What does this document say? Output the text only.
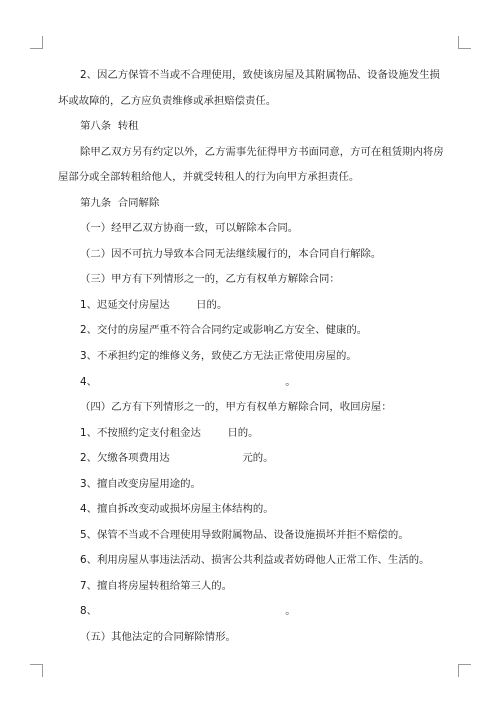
2、因乙方保管不当或不合理使用，致使该房屋及其附属物品、设备设施发生损
坏或故障的，乙方应负责维修或承担赔偿责任。
第八条  转租
除甲乙双方另有约定以外，乙方需事先征得甲方书面同意，方可在租赁期内将房
屋部分或全部转租给他人，并就受转租人的行为向甲方承担责任。
第九条  合同解除
（一）经甲乙双方协商一致，可以解除本合同。
（二）因不可抗力导致本合同无法继续履行的，本合同自行解除。
（三）甲方有下列情形之一的，乙方有权单方解除合同：
1、迟延交付房屋达        日的。
2、交付的房屋严重不符合合同约定或影响乙方安全、健康的。
3、不承担约定的维修义务，致使乙方无法正常使用房屋的。
4、                                                         。
（四）乙方有下列情形之一的，甲方有权单方解除合同，收回房屋：
1、不按照约定支付租金达        日的。
2、欠缴各项费用达                      元的。
3、擅自改变房屋用途的。
4、擅自拆改变动或损坏房屋主体结构的。
5、保管不当或不合理使用导致附属物品、设备设施损坏并拒不赔偿的。
6、利用房屋从事违法活动、损害公共利益或者妨碍他人正常工作、生活的。
7、擅自将房屋转租给第三人的。
8、                                                         。
（五）其他法定的合同解除情形。
